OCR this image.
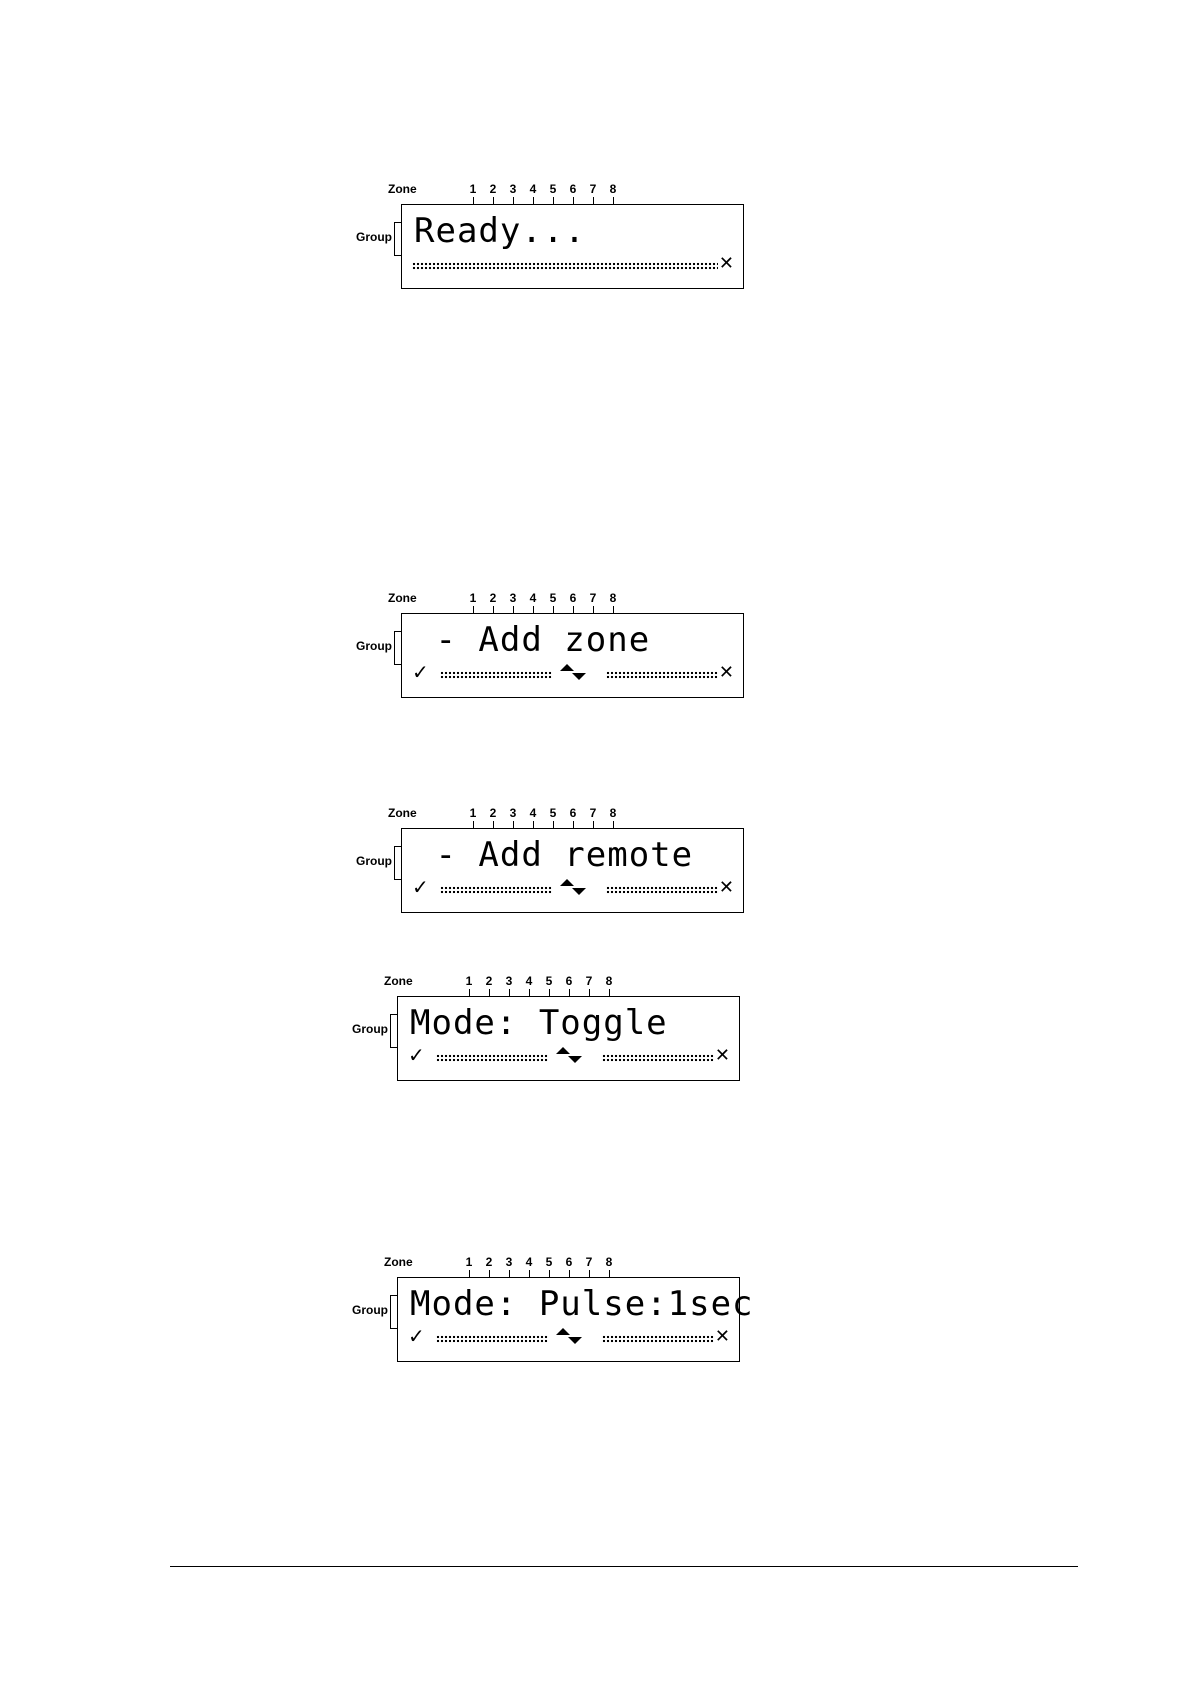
Zone	1 2 3 4 5 6 7 8
Group Ready...
✕
Zone	1 2 3 4 5 6 7 8
Group - Add zone
✓	✕
Zone	1 2 3 4 5 6 7 8
Group - Add remote
✓	✕
Zone	1 2 3 4 5 6 7 8
Group Mode: Toggle
✓	✕
Zone	1 2 3 4 5 6 7 8
Group Mode: Pulse:1sec
✓	✕
